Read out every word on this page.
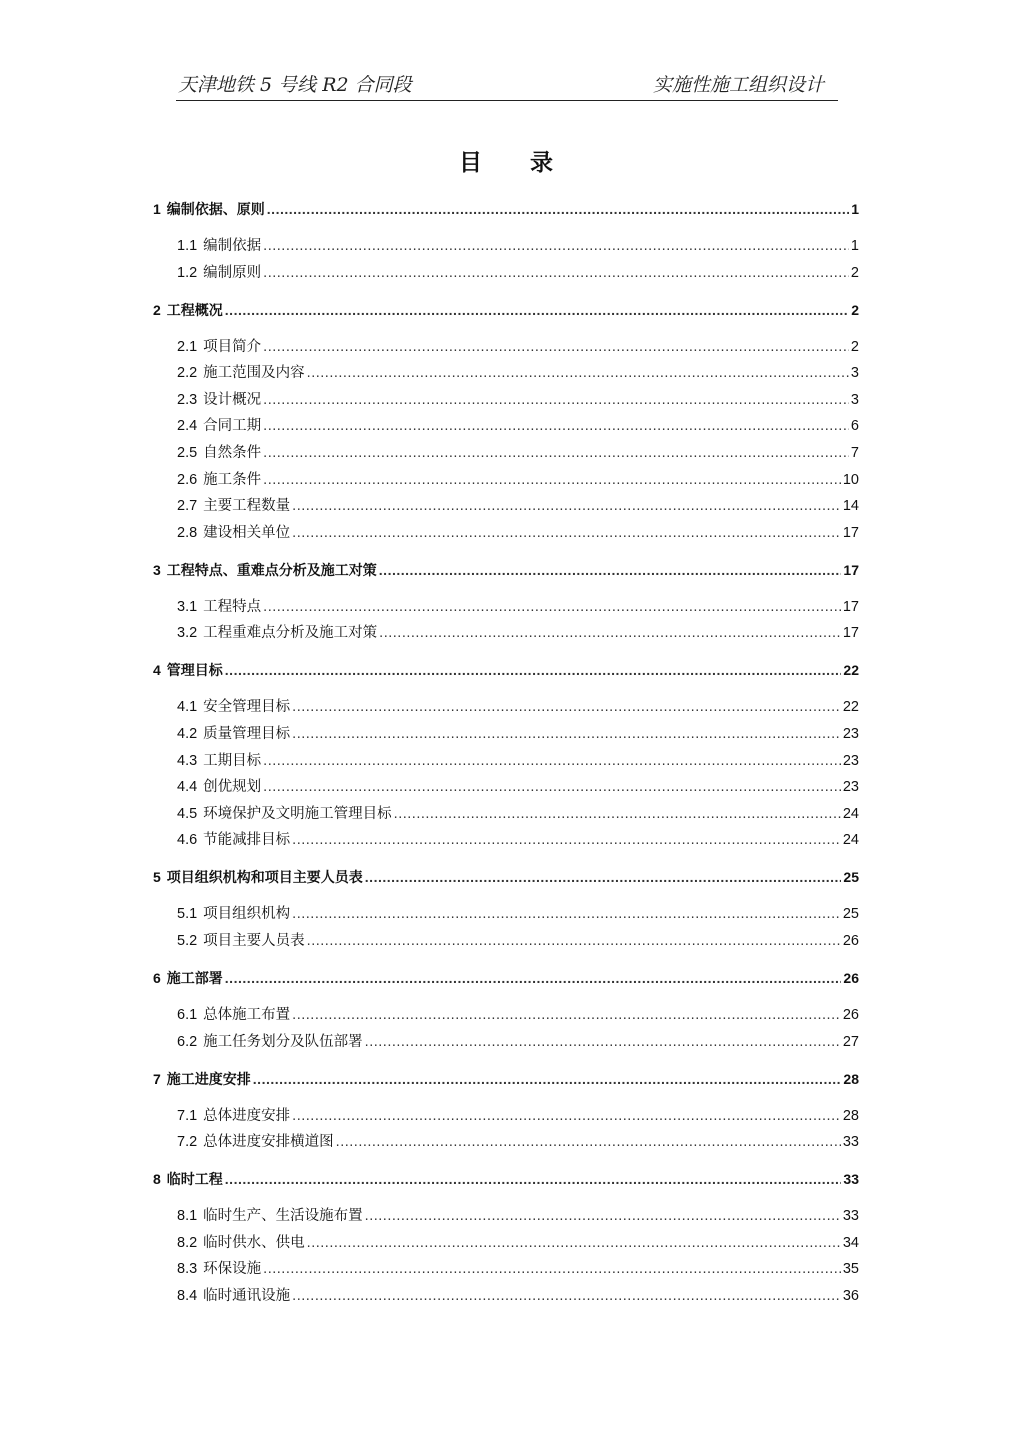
天津地铁 5 号线 R2 合同段	实施性施工组织设计
目 录
1 编制依据、原则 .....	1
1.1 编制依据 .....	1
1.2 编制原则 .....	2
2 工程概况 .....	2
2.1 项目简介 .....	2
2.2 施工范围及内容 .....	3
2.3 设计概况 .....	3
2.4 合同工期 .....	6
2.5 自然条件 .....	7
2.6 施工条件 .....	10
2.7 主要工程数量 .....	14
2.8 建设相关单位 .....	17
3 工程特点、重难点分析及施工对策 .....	17
3.1 工程特点 .....	17
3.2 工程重难点分析及施工对策 .....	17
4 管理目标 .....	22
4.1 安全管理目标 .....	22
4.2 质量管理目标 .....	23
4.3 工期目标 .....	23
4.4 创优规划 .....	23
4.5 环境保护及文明施工管理目标 .....	24
4.6 节能减排目标 .....	24
5 项目组织机构和项目主要人员表 .....	25
5.1 项目组织机构 .....	25
5.2 项目主要人员表 .....	26
6 施工部署 .....	26
6.1 总体施工布置 .....	26
6.2 施工任务划分及队伍部署 .....	27
7 施工进度安排 .....	28
7.1 总体进度安排 .....	28
7.2 总体进度安排横道图 .....	33
8 临时工程 .....	33
8.1 临时生产、生活设施布置 .....	33
8.2 临时供水、供电 .....	34
8.3 环保设施 .....	35
8.4 临时通讯设施 .....	36
